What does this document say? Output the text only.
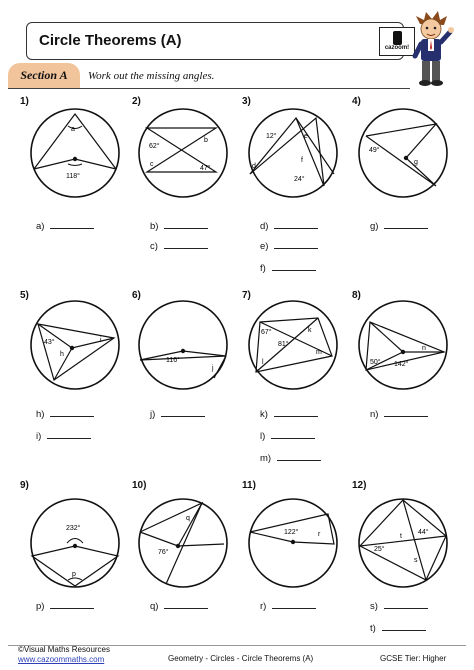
Circle Theorems (A)	cazoom!
Section A	Work out the missing angles.
1)
a
118°
2)
62°
b
c
47°
3)
12°	e
d
f
24°
4)
49°
g
a)	b)
c)
d)
e)
f)
g)
5)
43°
h
i
6)
116°
j
7)
67°	k
81°
l
m
8)
50°
n
142°
h)
i)
j)	k)
l)
m)
n)
9)
232°
p
10)
q
76°
11)
122°	r
12)
44°
t
25°
s
p)	q)	r)	s)
t)
©Visual Maths Resources
www.cazoommaths.com	Geometry - Circles - Circle Theorems (A)	GCSE Tier: Higher
